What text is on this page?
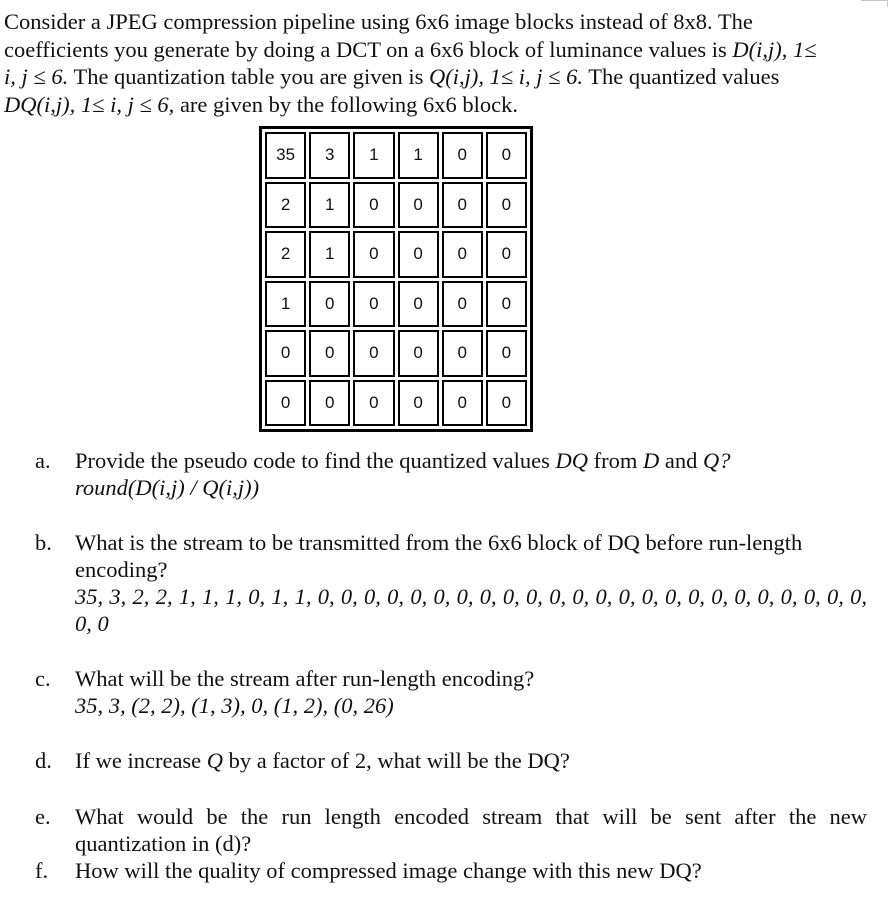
Consider a JPEG compression pipeline using 6x6 image blocks instead of 8x8. The

coefficients you generate by doing a DCT on a 6x6 block of luminance values is D(i,j), 1≤

i, j ≤ 6. The quantization table you are given is Q(i,j), 1≤ i, j ≤ 6. The quantized values

DQ(i,j), 1≤ i, j ≤ 6, are given by the following 6x6 block.

35	3	1	1	0	0
2	1	0	0	0	0
2	1	0	0	0	0
1	0	0	0	0	0
0	0	0	0	0	0
0	0	0	0	0	0
a.	Provide the pseudo code to find the quantized values DQ from D and Q?
round(D(i,j) / Q(i,j))
b.	What is the stream to be transmitted from the 6x6 block of DQ before run-length encoding?
35, 3, 2, 2, 1, 1, 1, 0, 1, 1, 0, 0, 0, 0, 0, 0, 0, 0, 0, 0, 0, 0, 0, 0, 0, 0, 0, 0, 0, 0, 0, 0, 0, 0, 0, 0
c.	What will be the stream after run-length encoding?
35, 3, (2, 2), (1, 3), 0, (1, 2), (0, 26)
d.	If we increase Q by a factor of 2, what will be the DQ?
e.	What would be the run length encoded stream that will be sent after the new quantization in (d)?
f.	How will the quality of compressed image change with this new DQ?
